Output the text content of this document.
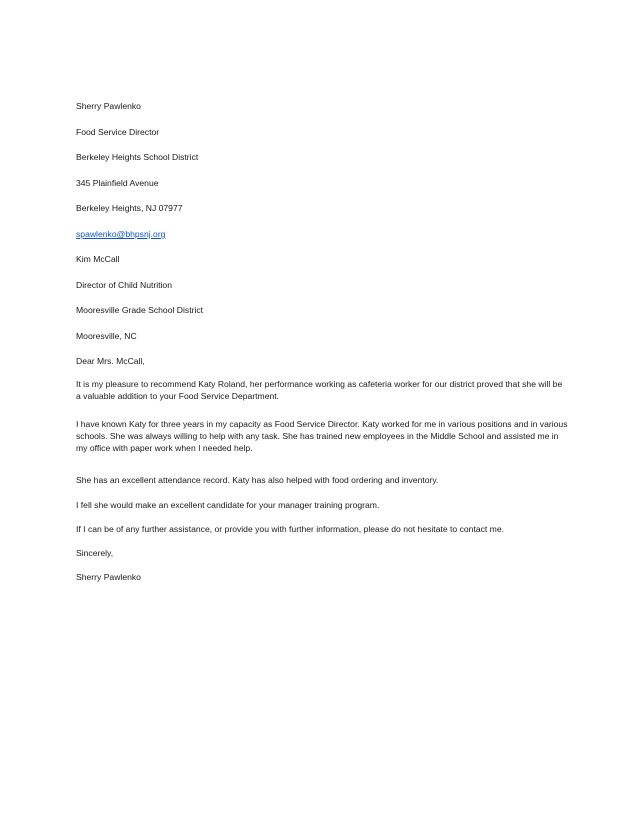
Sherry Pawlenko

Food Service Director

Berkeley Heights School District

345 Plainfield Avenue

Berkeley Heights, NJ 07977

spawlenko@bhpsnj.org

Kim McCall

Director of Child Nutrition

Mooresville Grade School District

Mooresville, NC

Dear Mrs. McCall,

It is my pleasure to recommend Katy Roland, her performance working as cafeteria worker for our district proved that she will be a valuable addition to your Food Service Department.

I have known Katy for three years in my capacity as Food Service Director. Katy worked for me in various positions and in various schools. She was always willing to help with any task. She has trained new employees in the Middle School and assisted me in my office with paper work when I needed help.

She has an excellent attendance record. Katy has also helped with food ordering and inventory.

I fell she would make an excellent candidate for your manager training program.

If I can be of any further assistance, or provide you with further information, please do not hesitate to contact me.

Sincerely,

Sherry Pawlenko
